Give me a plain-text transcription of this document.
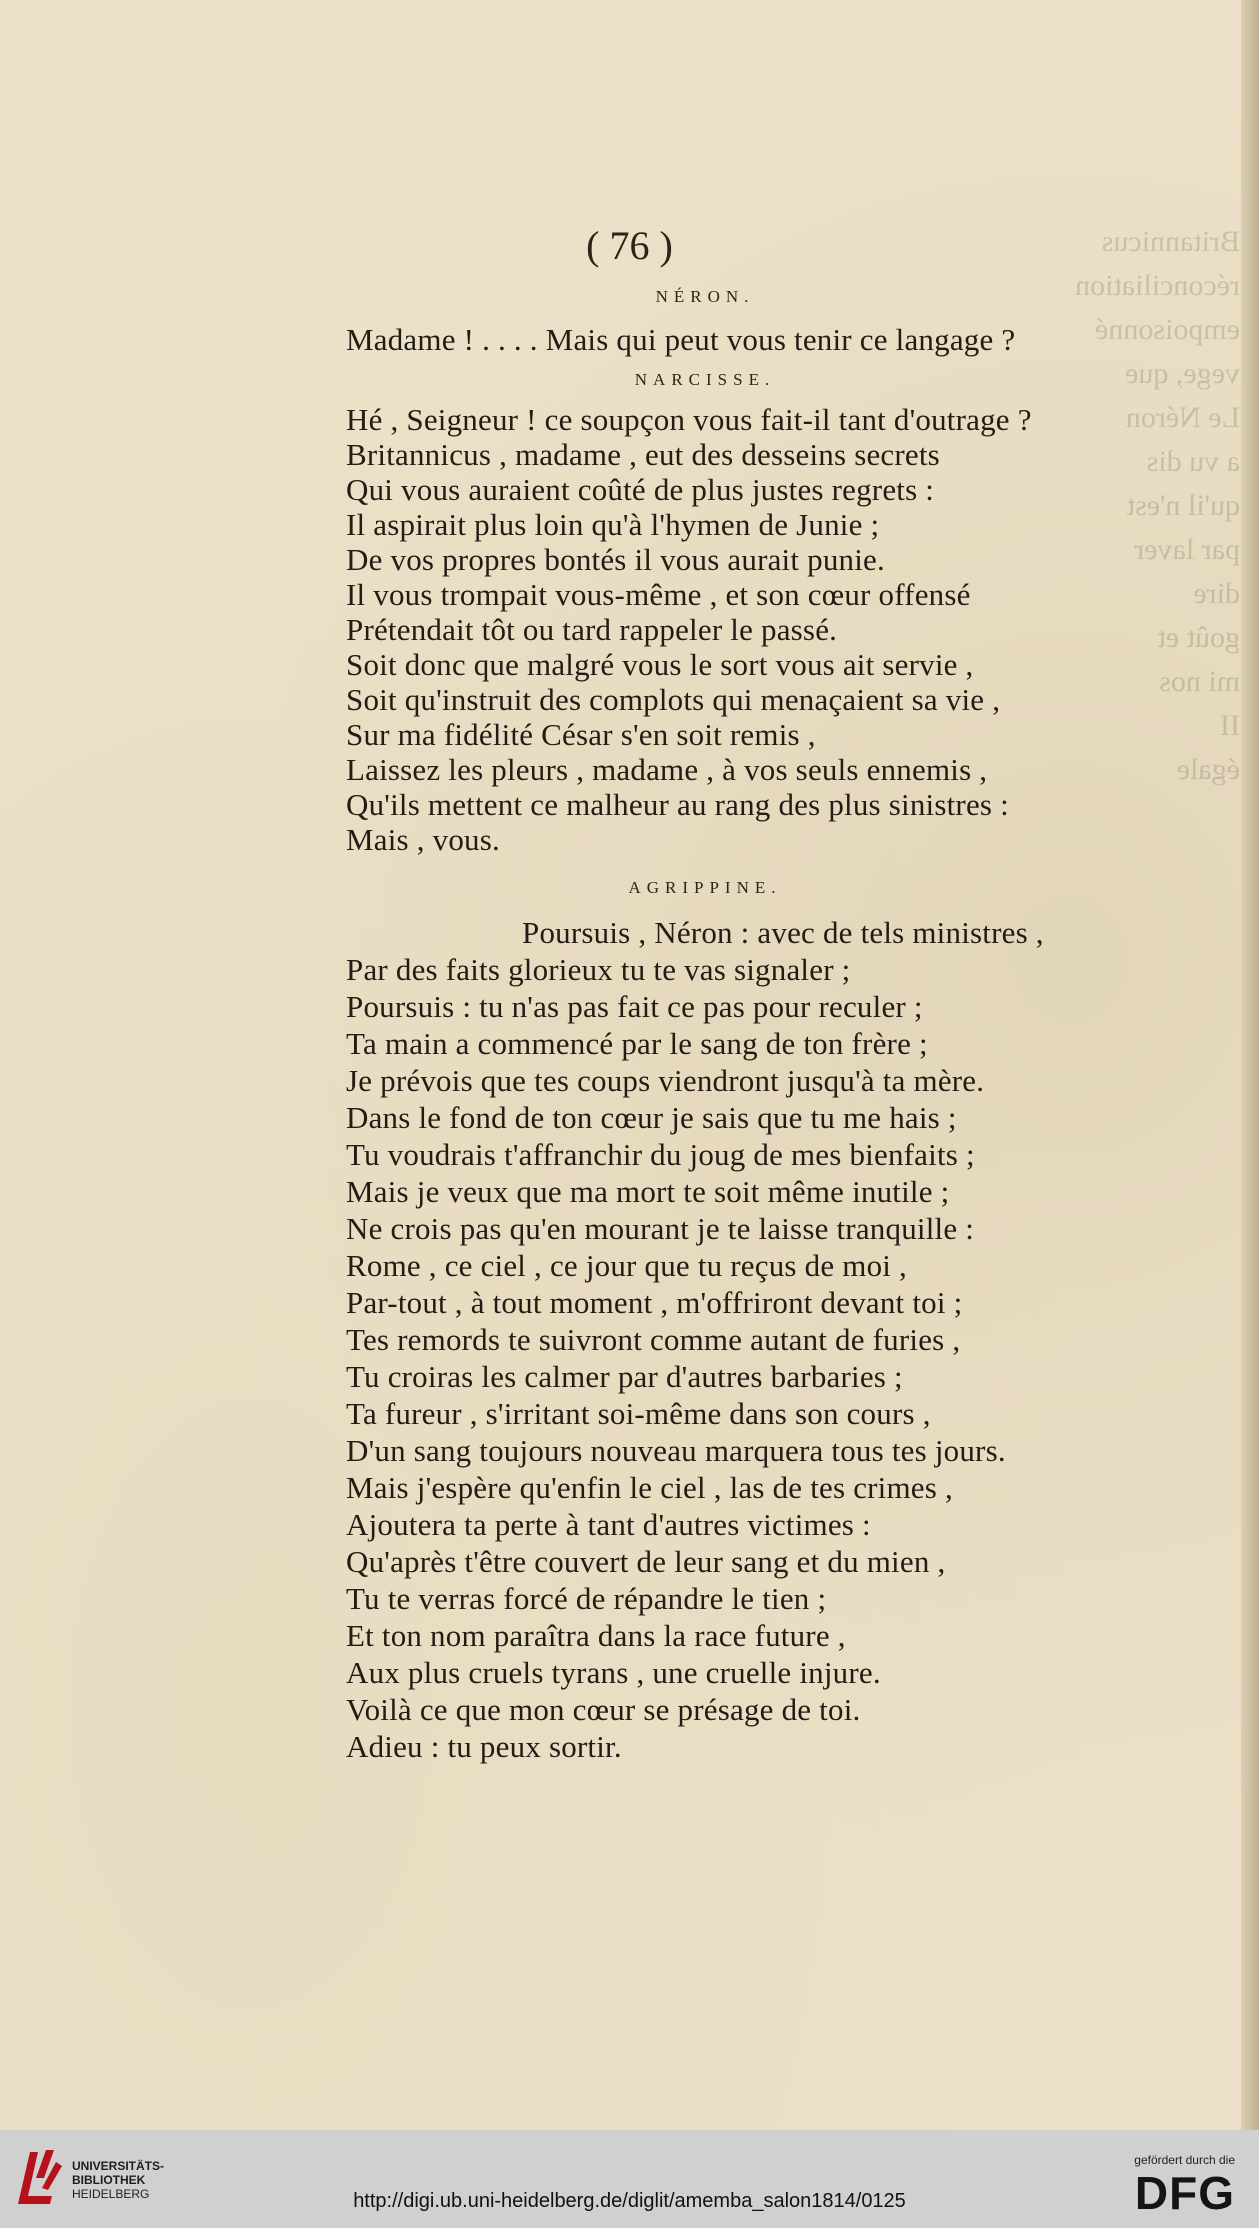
Britannicus
réconciliation
empoisonné
vege, que
Le Néron
a vu dis
qu'il n'est
par laver
dire
goût et
mi nos
II
égale
( 76 )
NÉRON.
Madame ! . . . . Mais qui peut vous tenir ce langage ?
NARCISSE.
Hé , Seigneur ! ce soupçon vous fait-il tant d'outrage ?
Britannicus , madame , eut des desseins secrets
Qui vous auraient coûté de plus justes regrets :
Il aspirait plus loin qu'à l'hymen de Junie ;
De vos propres bontés il vous aurait punie.
Il vous trompait vous-même , et son cœur offensé
Prétendait tôt ou tard rappeler le passé.
Soit donc que malgré vous le sort vous ait servie ,
Soit qu'instruit des complots qui menaçaient sa vie ,
Sur ma fidélité César s'en soit remis ,
Laissez les pleurs , madame , à vos seuls ennemis ,
Qu'ils mettent ce malheur au rang des plus sinistres :
Mais , vous.
AGRIPPINE.
Poursuis , Néron : avec de tels ministres ,
Par des faits glorieux tu te vas signaler ;
Poursuis : tu n'as pas fait ce pas pour reculer ;
Ta main a commencé par le sang de ton frère ;
Je prévois que tes coups viendront jusqu'à ta mère.
Dans le fond de ton cœur je sais que tu me hais ;
Tu voudrais t'affranchir du joug de mes bienfaits ;
Mais je veux que ma mort te soit même inutile ;
Ne crois pas qu'en mourant je te laisse tranquille :
Rome , ce ciel , ce jour que tu reçus de moi ,
Par-tout , à tout moment , m'offriront devant toi ;
Tes remords te suivront comme autant de furies ,
Tu croiras les calmer par d'autres barbaries ;
Ta fureur , s'irritant soi-même dans son cours ,
D'un sang toujours nouveau marquera tous tes jours.
Mais j'espère qu'enfin le ciel , las de tes crimes ,
Ajoutera ta perte à tant d'autres victimes :
Qu'après t'être couvert de leur sang et du mien ,
Tu te verras forcé de répandre le tien ;
Et ton nom paraîtra dans la race future ,
Aux plus cruels tyrans , une cruelle injure.
Voilà ce que mon cœur se présage de toi.
Adieu : tu peux sortir.
UNIVERSITÄTS-
BIBLIOTHEK
HEIDELBERG	http://digi.ub.uni-heidelberg.de/diglit/amemba_salon1814/0125
gefördert durch die
DFG
